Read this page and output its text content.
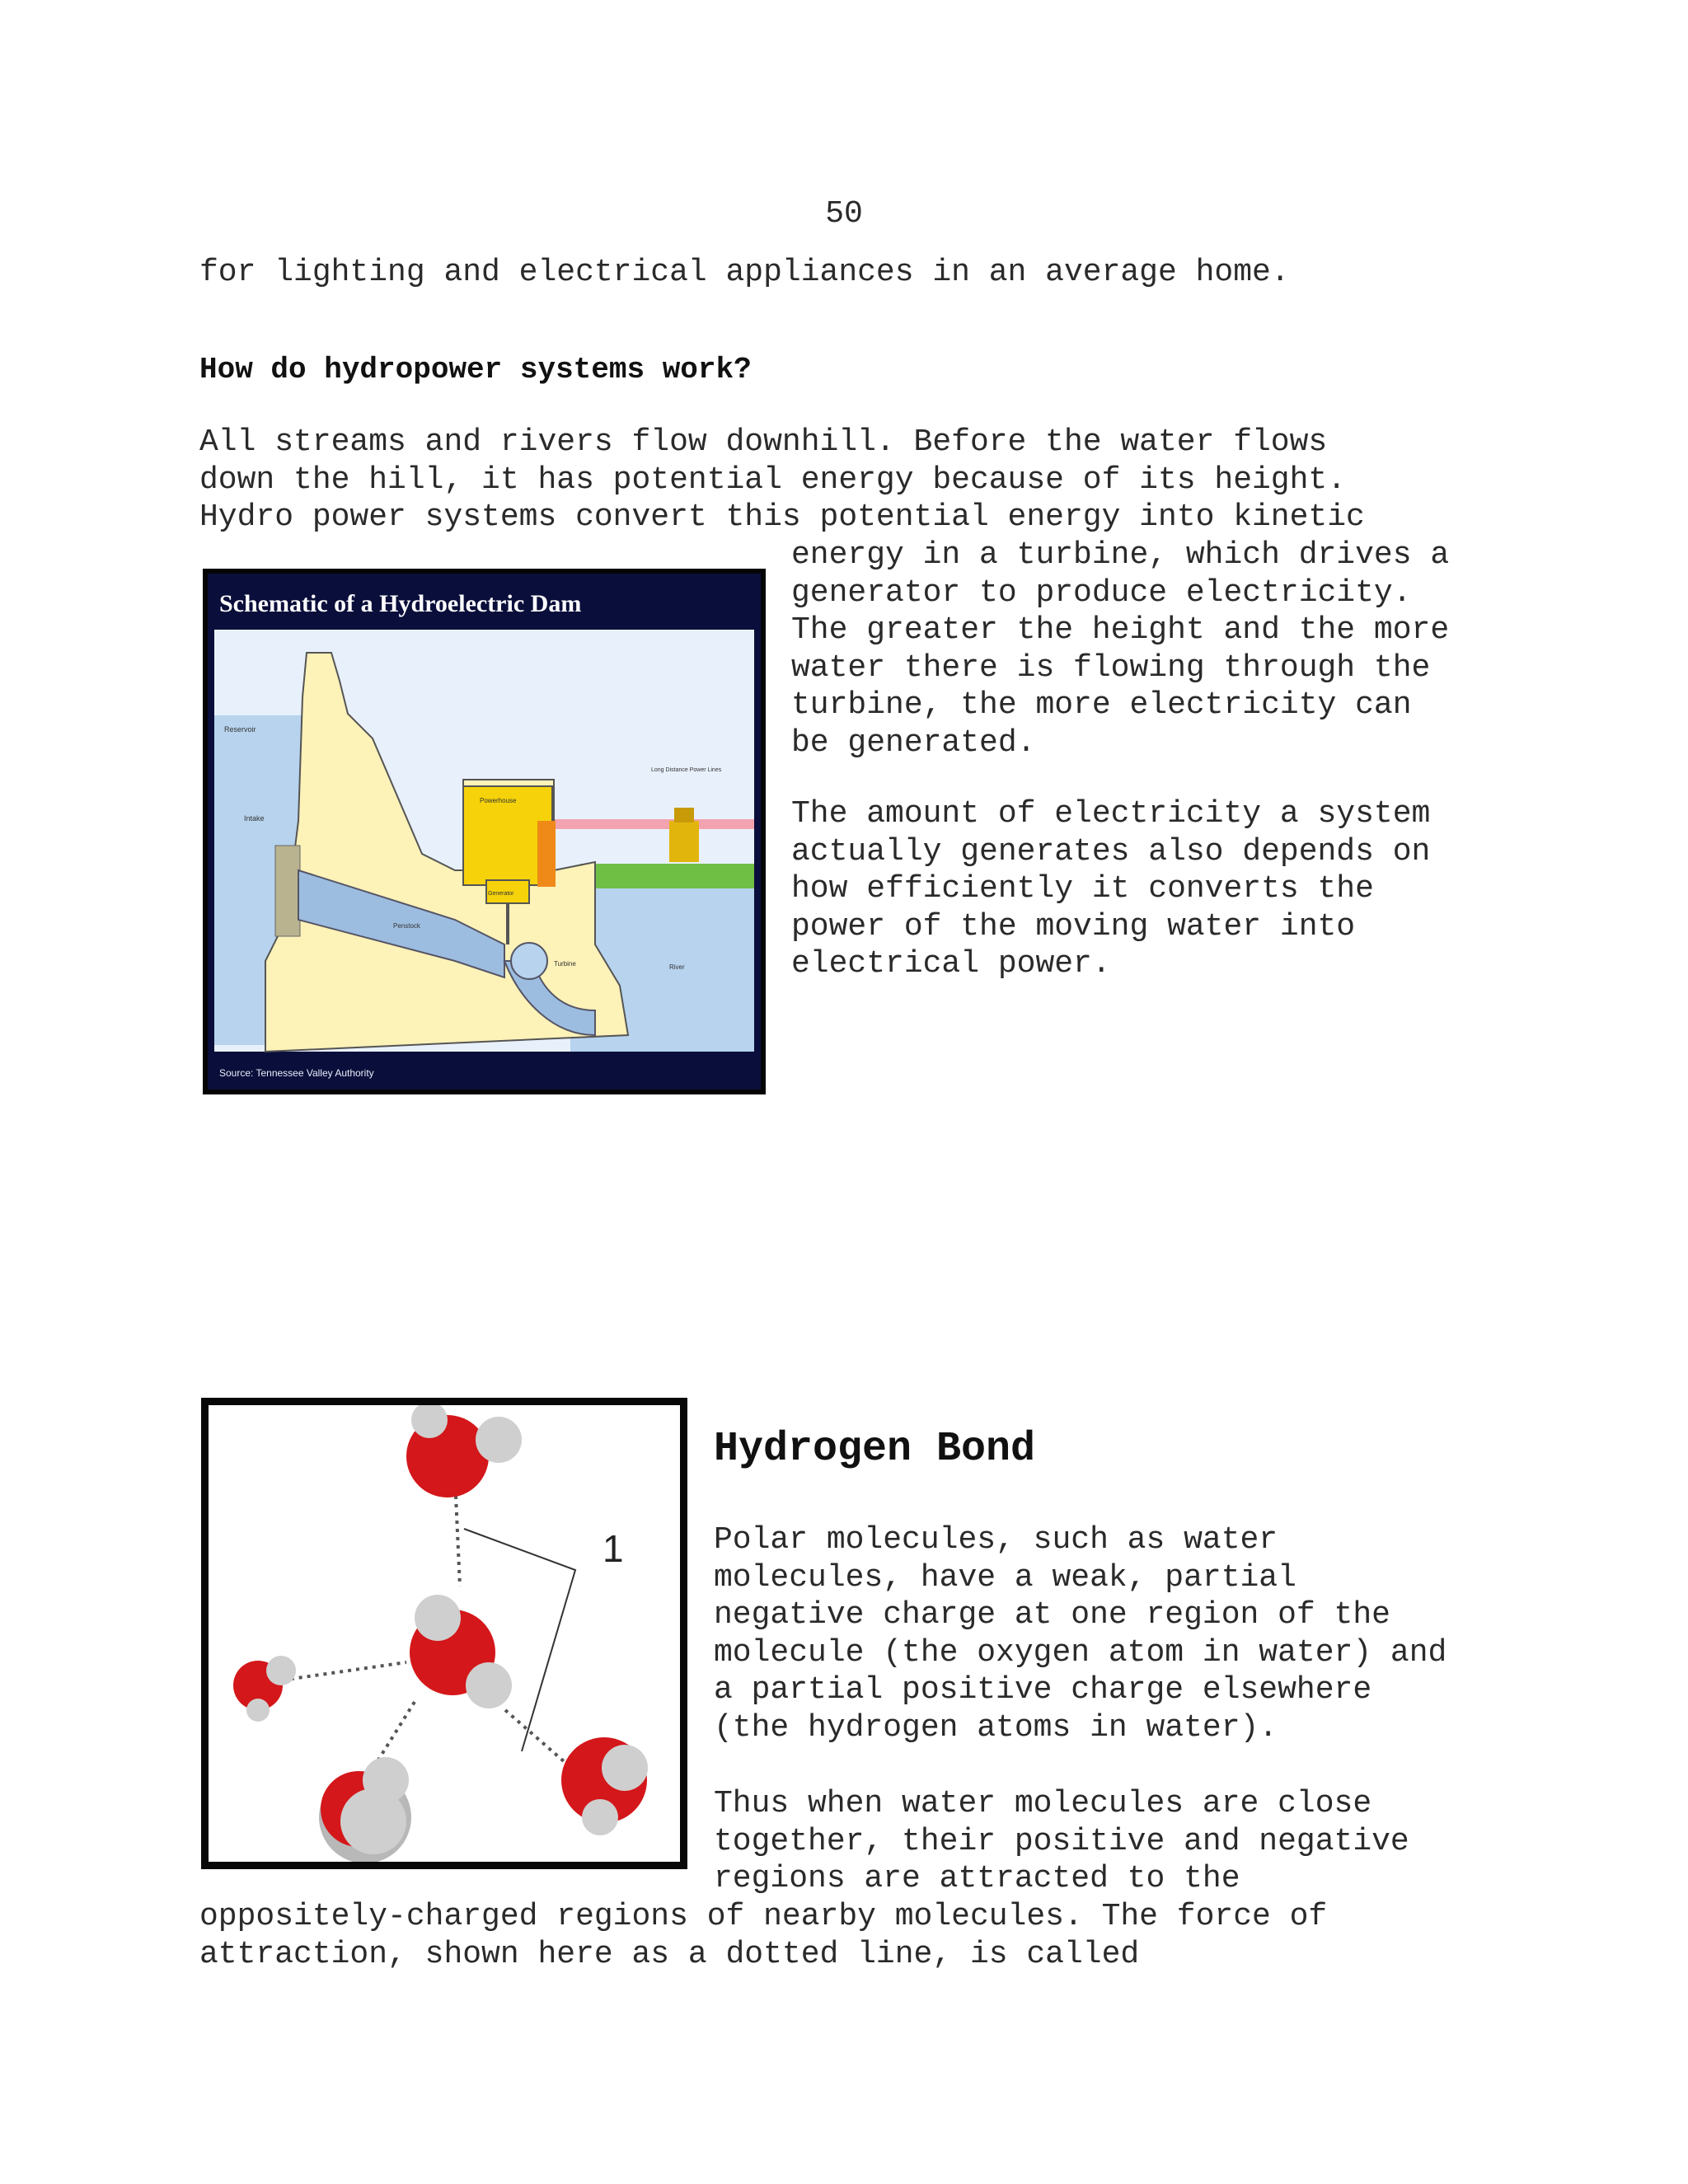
50

for lighting and electrical appliances in an average home.

How do hydropower systems work?

All streams and rivers flow downhill. Before the water flows

down the hill, it has potential energy because of its height.

Hydro power systems convert this potential energy into kinetic

energy in a turbine, which drives a

generator to produce electricity.

The greater the height and the more

water there is flowing through the

turbine, the more electricity can

be generated.

The amount of electricity a system

actually generates also depends on

how efficiently it converts the

power of the moving water into

electrical power.

Schematic of a Hydroelectric Dam
Reservoir
Intake
Powerhouse
Generator
Penstock
Turbine	River
Long Distance Power Lines
Source: Tennessee Valley Authority
1
Hydrogen Bond

Polar molecules, such as water

molecules, have a weak, partial

negative charge at one region of the

molecule (the oxygen atom in water) and

a partial positive charge elsewhere

(the hydrogen atoms in water).

Thus when water molecules are close

together, their positive and negative

regions are attracted to the

oppositely-charged regions of nearby molecules. The force of

attraction, shown here as a dotted line, is called
